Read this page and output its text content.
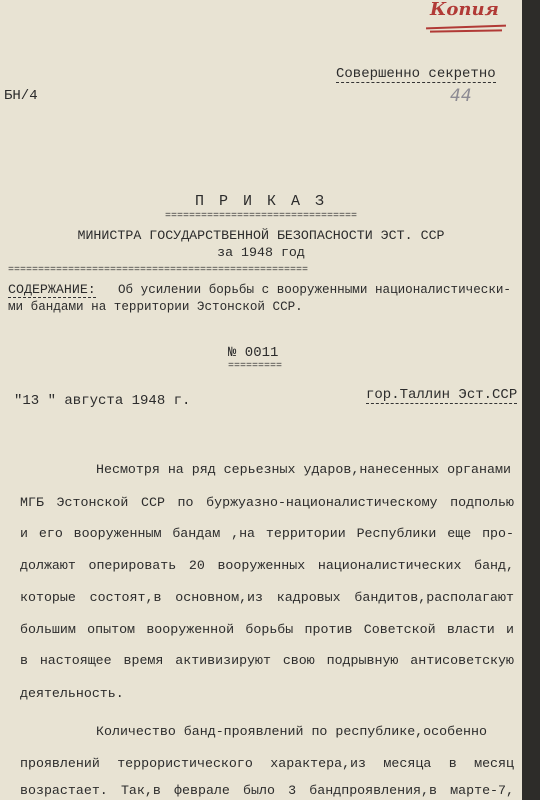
Копия
БН/4
Совершенно секретно
44
П Р И К А З
================================
МИНИСТРА ГОСУДАРСТВЕННОЙ БЕЗОПАСНОСТИ ЭСТ. ССР
за 1948 год
==================================================
СОДЕРЖАНИЕ: Об усилении борьбы с вооруженными националистически-
ми бандами на территории Эстонской ССР.
№ 0011
=========
"13 " августа 1948 г.	гор.Таллин Эст.ССР
Несмотря на ряд серьезных ударов,нанесенных органами
МГБ Эстонской ССР по буржуазно-националистическому подполью
и его вооруженным бандам ,на территории Республики еще про-
должают оперировать 20 вооруженных националистических банд,
которые состоят,в основном,из кадровых бандитов,располагают
большим опытом вооруженной борьбы против Советской власти и
в настоящее время активизируют свою подрывную антисоветскую
деятельность.
Количество банд-проявлений по республике,особенно
проявлений террористического характера,из месяца в месяц
возрастает. Так,в феврале было 3 бандпроявления,в марте-7,
